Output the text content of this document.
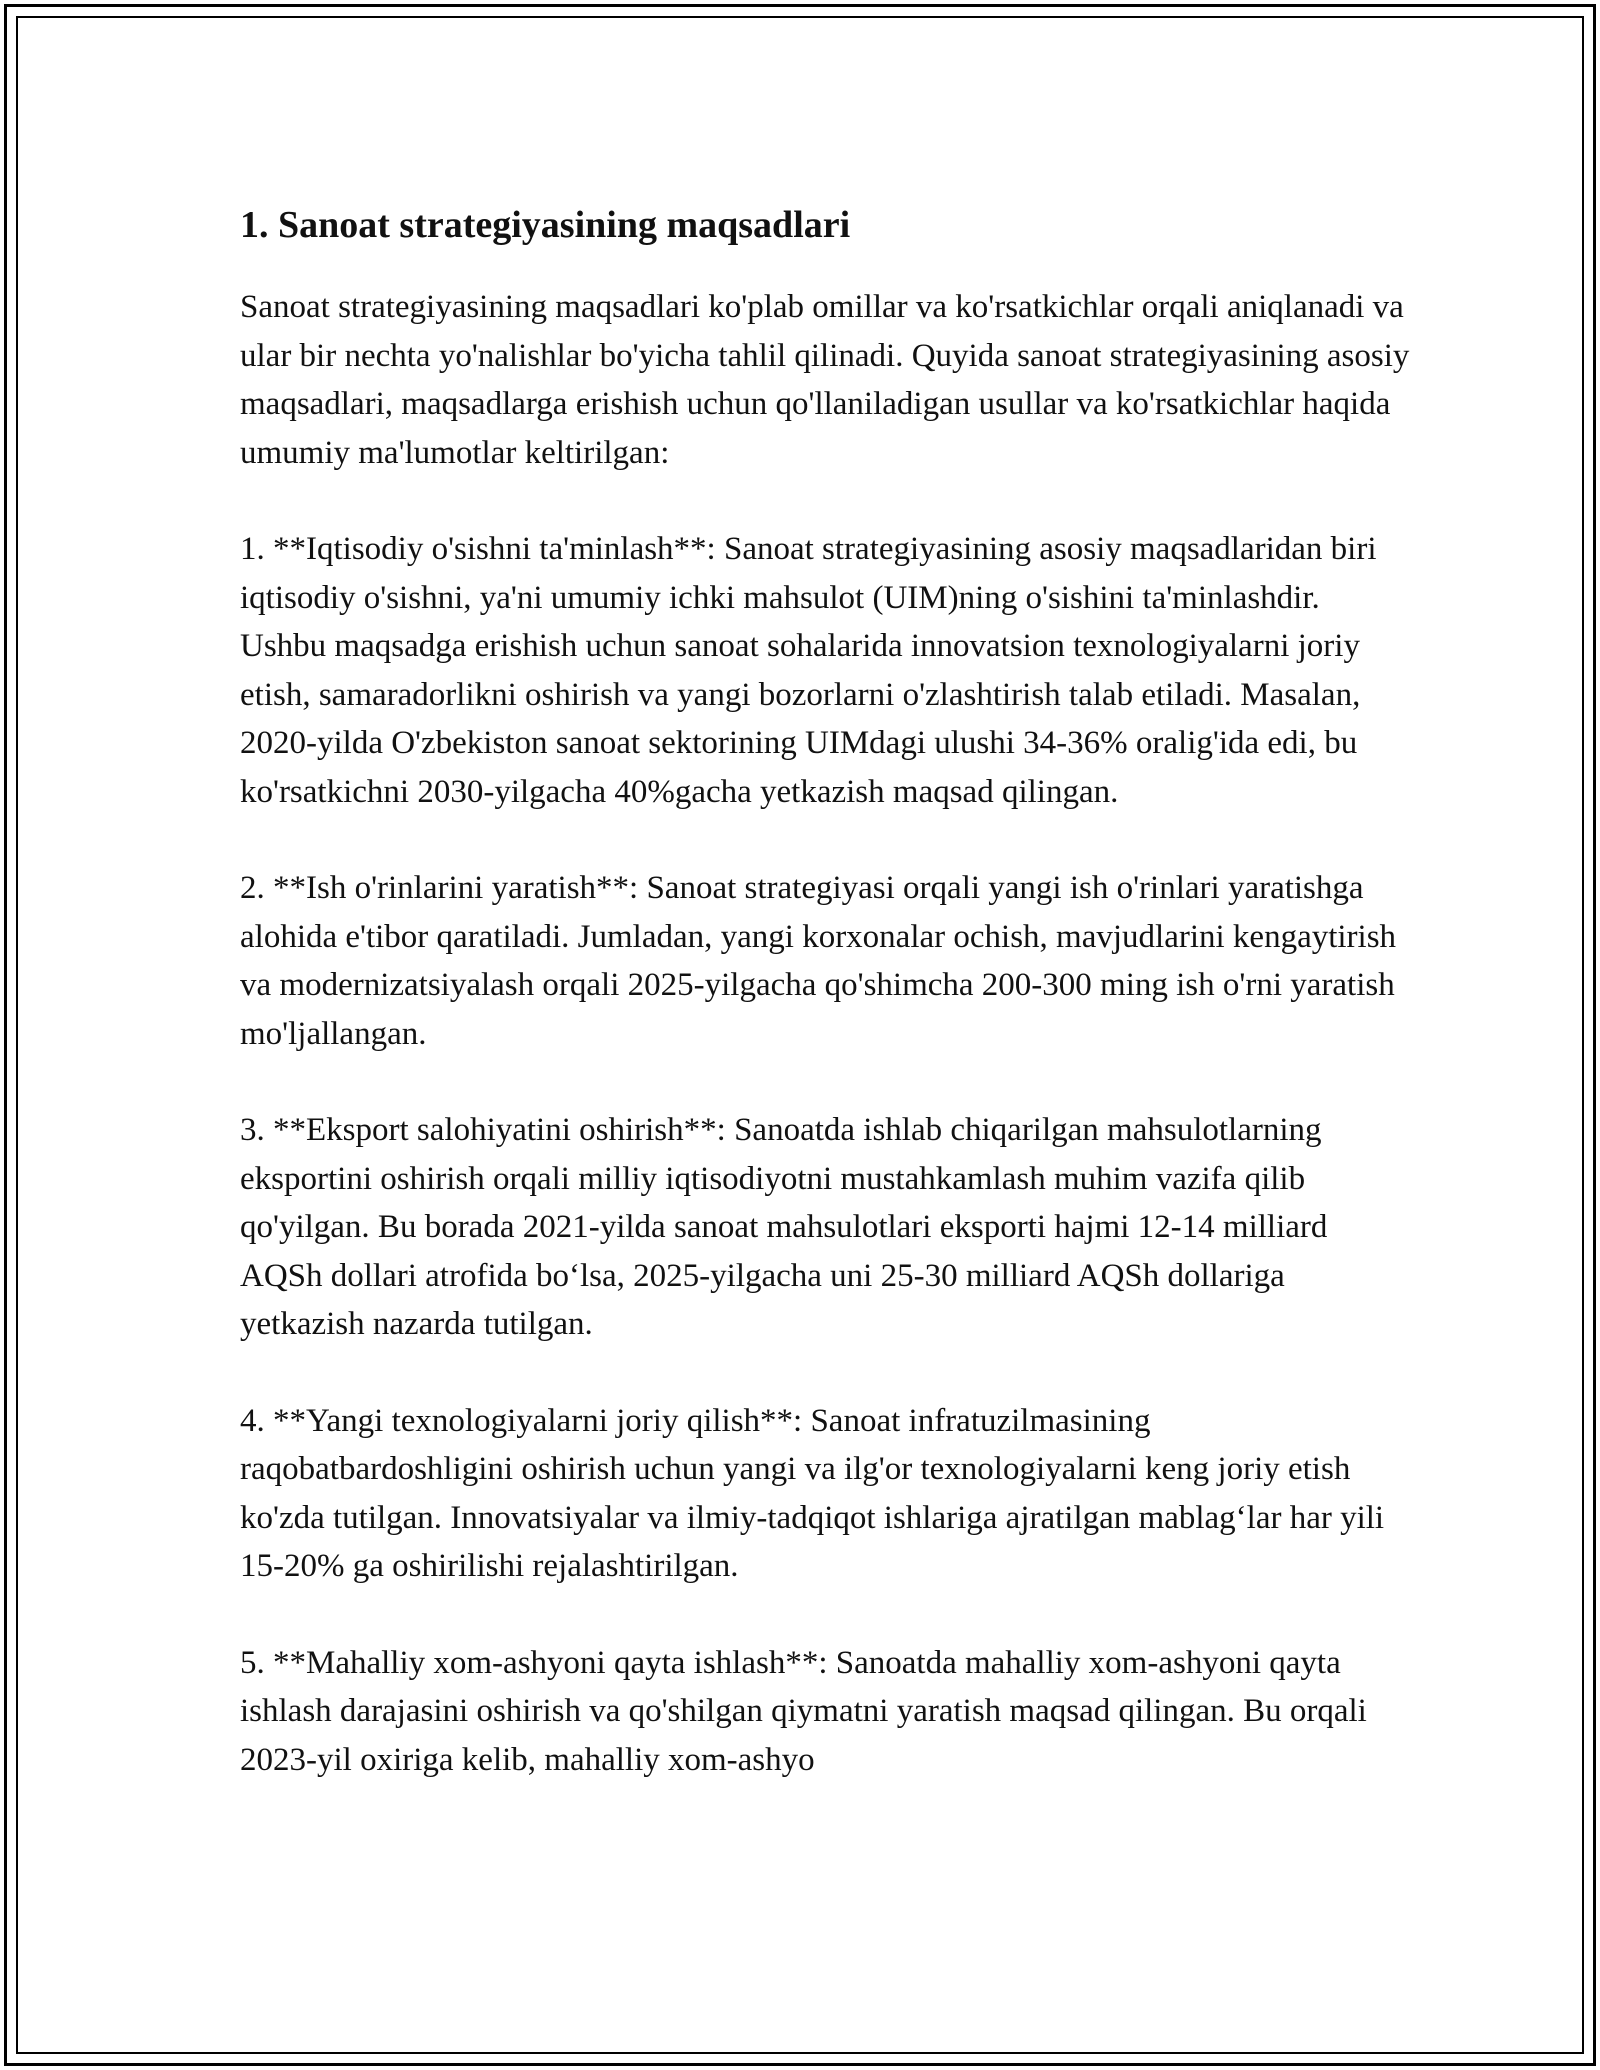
1. Sanoat strategiyasining maqsadlari

Sanoat strategiyasining maqsadlari ko'plab omillar va ko'rsatkichlar orqali aniqlanadi va ular bir nechta yo'nalishlar bo'yicha tahlil qilinadi. Quyida sanoat strategiyasining asosiy maqsadlari, maqsadlarga erishish uchun qo'llaniladigan usullar va ko'rsatkichlar haqida umumiy ma'lumotlar keltirilgan:

1. **Iqtisodiy o'sishni ta'minlash**: Sanoat strategiyasining asosiy maqsadlaridan biri iqtisodiy o'sishni, ya'ni umumiy ichki mahsulot (UIM)ning o'sishini ta'minlashdir. Ushbu maqsadga erishish uchun sanoat sohalarida innovatsion texnologiyalarni joriy etish, samaradorlikni oshirish va yangi bozorlarni o'zlashtirish talab etiladi. Masalan, 2020-yilda O'zbekiston sanoat sektorining UIMdagi ulushi 34-36% oralig'ida edi, bu ko'rsatkichni 2030-yilgacha 40%gacha yetkazish maqsad qilingan.

2. **Ish o'rinlarini yaratish**: Sanoat strategiyasi orqali yangi ish o'rinlari yaratishga alohida e'tibor qaratiladi. Jumladan, yangi korxonalar ochish, mavjudlarini kengaytirish va modernizatsiyalash orqali 2025-yilgacha qo'shimcha 200-300 ming ish o'rni yaratish mo'ljallangan.

3. **Eksport salohiyatini oshirish**: Sanoatda ishlab chiqarilgan mahsulotlarning eksportini oshirish orqali milliy iqtisodiyotni mustahkamlash muhim vazifa qilib qo'yilgan. Bu borada 2021-yilda sanoat mahsulotlari eksporti hajmi 12-14 milliard AQSh dollari atrofida bo‘lsa, 2025-yilgacha uni 25-30 milliard AQSh dollariga yetkazish nazarda tutilgan.

4. **Yangi texnologiyalarni joriy qilish**: Sanoat infratuzilmasining raqobatbardoshligini oshirish uchun yangi va ilg'or texnologiyalarni keng joriy etish ko'zda tutilgan. Innovatsiyalar va ilmiy-tadqiqot ishlariga ajratilgan mablag‘lar har yili 15-20% ga oshirilishi rejalashtirilgan.

5. **Mahalliy xom-ashyoni qayta ishlash**: Sanoatda mahalliy xom-ashyoni qayta ishlash darajasini oshirish va qo'shilgan qiymatni yaratish maqsad qilingan. Bu orqali 2023-yil oxiriga kelib, mahalliy xom-ashyo
